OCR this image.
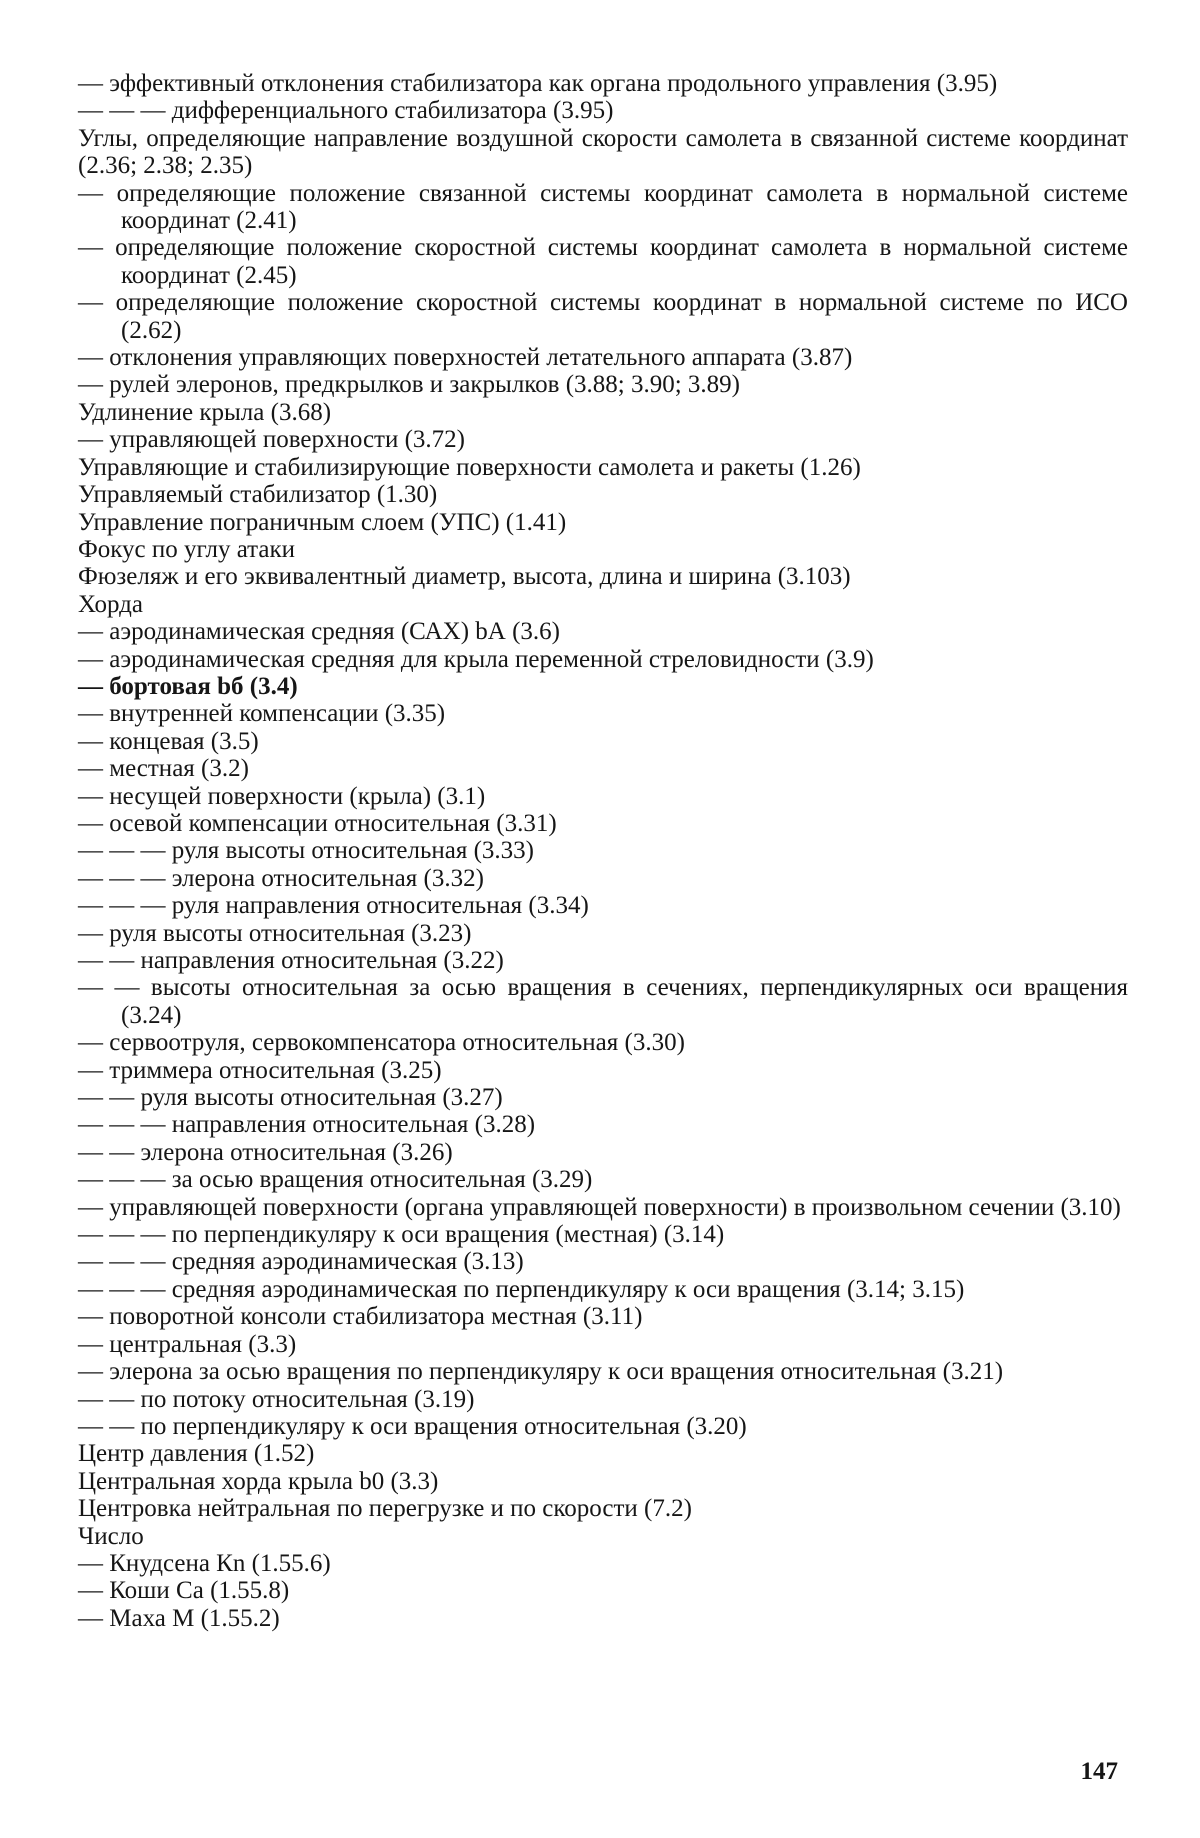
— эффективный отклонения стабилизатора как органа продольного управления (3.95)
— — — дифференциального стабилизатора (3.95)
Углы, определяющие направление воздушной скорости самолета в связанной системе координат (2.36; 2.38; 2.35)
— определяющие положение связанной системы координат самолета в нормальной системе координат (2.41)
— определяющие положение скоростной системы координат самолета в нормальной системе координат (2.45)
— определяющие положение скоростной системы координат в нормальной системе по ИСО (2.62)
— отклонения управляющих поверхностей летательного аппарата (3.87)
— рулей элеронов, предкрылков и закрылков (3.88; 3.90; 3.89)
Удлинение крыла (3.68)
— управляющей поверхности (3.72)
Управляющие и стабилизирующие поверхности самолета и ракеты (1.26)
Управляемый стабилизатор (1.30)
Управление пограничным слоем (УПС) (1.41)
Фокус по углу атаки
Фюзеляж и его эквивалентный диаметр, высота, длина и ширина (3.103)
Хорда
— аэродинамическая средняя (САХ) bА (3.6)
— аэродинамическая средняя для крыла переменной стреловидности (3.9)
— бортовая bб (3.4)
— внутренней компенсации (3.35)
— концевая (3.5)
— местная (3.2)
— несущей поверхности (крыла) (3.1)
— осевой компенсации относительная (3.31)
— — — руля высоты относительная (3.33)
— — — элерона относительная (3.32)
— — — руля направления относительная (3.34)
— руля высоты относительная (3.23)
— — направления относительная (3.22)
— — высоты относительная за осью вращения в сечениях, перпендикулярных оси вращения (3.24)
— сервоотруля, сервокомпенсатора относительная (3.30)
— триммера относительная (3.25)
— — руля высоты относительная (3.27)
— — — направления относительная (3.28)
— — элерона относительная (3.26)
— — — за осью вращения относительная (3.29)
— управляющей поверхности (органа управляющей поверхности) в произвольном сечении (3.10)
— — — по перпендикуляру к оси вращения (местная) (3.14)
— — — средняя аэродинамическая (3.13)
— — — средняя аэродинамическая по перпендикуляру к оси вращения (3.14; 3.15)
— поворотной консоли стабилизатора местная (3.11)
— центральная (3.3)
— элерона за осью вращения по перпендикуляру к оси вращения относительная (3.21)
— — по потоку относительная (3.19)
— — по перпендикуляру к оси вращения относительная (3.20)
Центр давления (1.52)
Центральная хорда крыла b0 (3.3)
Центровка нейтральная по перегрузке и по скорости (7.2)
Число
— Кнудсена Кn (1.55.6)
— Коши Са (1.55.8)
— Маха М (1.55.2)
147
